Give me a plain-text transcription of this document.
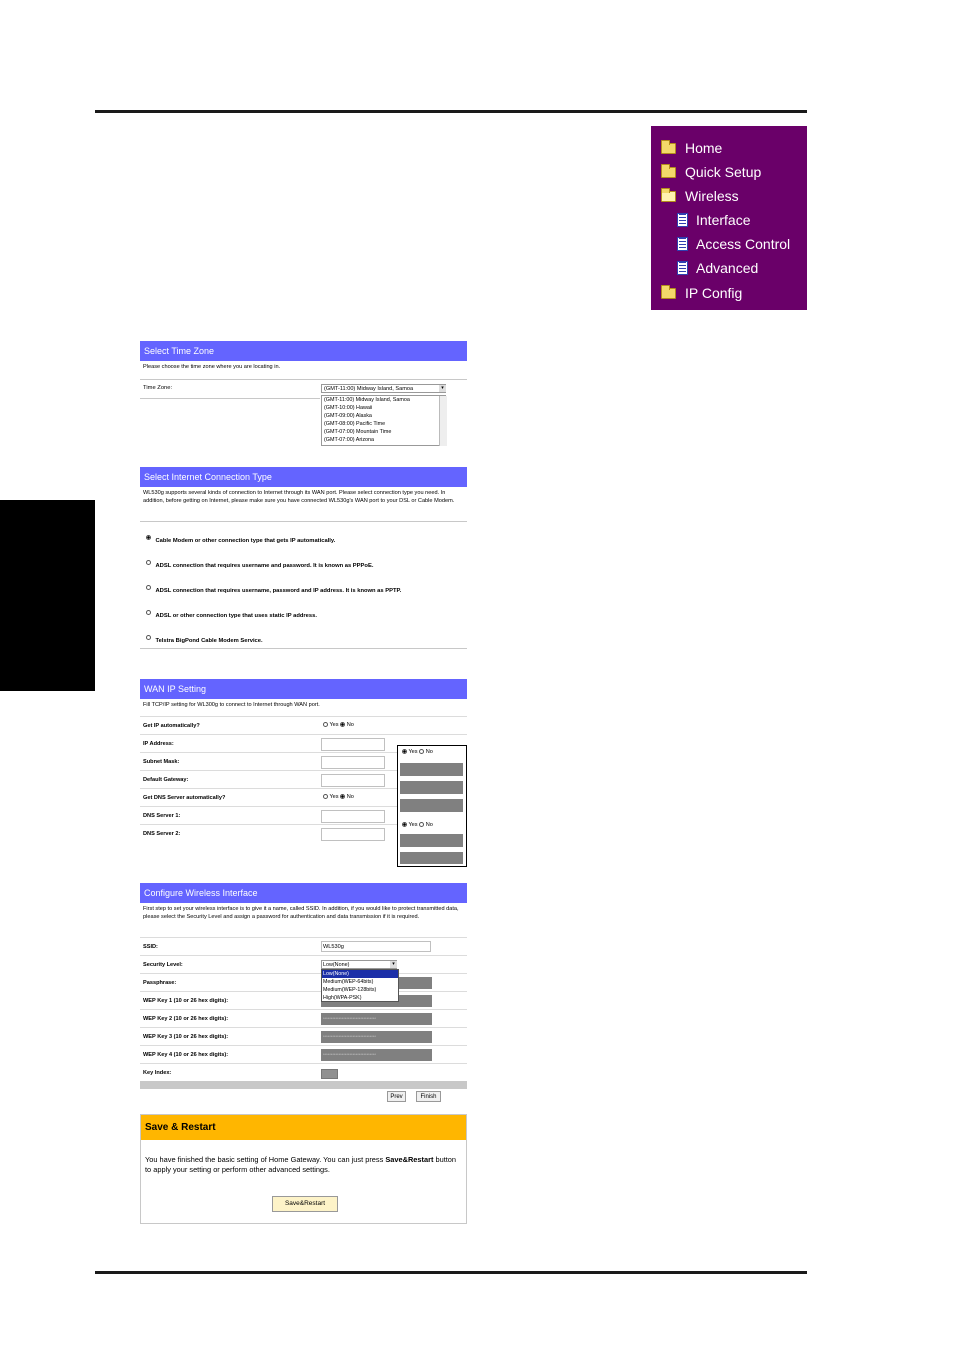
Home
Quick Setup
Wireless
Interface
Access Control
Advanced
IP Config
Select Time Zone
Please choose the time zone where you are locating in.
Time Zone:	(GMT-11:00) Midway Island, Samoa	▾
(GMT-11:00) Midway Island, Samoa
(GMT-10:00) Hawaii
(GMT-09:00) Alaska
(GMT-08:00) Pacific Time
(GMT-07:00) Mountain Time
(GMT-07:00) Arizona
Select Internet Connection Type
WL530g supports several kinds of connection to Internet through its WAN port. Please select connection type you need. In addition, before getting on Internet, please make sure you have connected WL530g's WAN port to your DSL or Cable Modem.
Cable Modem or other connection type that gets IP automatically.
ADSL connection that requires username and password. It is known as PPPoE.
ADSL connection that requires username, password and IP address. It is known as PPTP.
ADSL or other connection type that uses static IP address.
Telstra BigPond Cable Modem Service.
WAN IP Setting
Fill TCP/IP setting for WL300g to connect to Internet through WAN port.
Get IP automatically?	Yes No
IP Address:
Subnet Mask:
Default Gateway:
Get DNS Server automatically?	Yes No
DNS Server 1:
DNS Server 2:
Yes No
Yes No
Configure Wireless Interface
First step to set your wireless interface is to give it a name, called SSID. In addition, if you would like to protect transmitted data, please select the Security Level and assign a password for authentication and data transmission if it is required.
SSID:	WL530g
Security Level:	Low(None)	▾
Passphrase:
WEP Key 1 (10 or 26 hex digits):
WEP Key 2 (10 or 26 hex digits):	**********************************
WEP Key 3 (10 or 26 hex digits):	**********************************
WEP Key 4 (10 or 26 hex digits):	**********************************
Key Index:
Prev	Finish
Low(None)
Medium(WEP-64bits)
Medium(WEP-128bits)
High(WPA-PSK)
Save & Restart
You have finished the basic setting of Home Gateway. You can just press Save&Restart button to apply your setting or perform other advanced settings.
Save&Restart
